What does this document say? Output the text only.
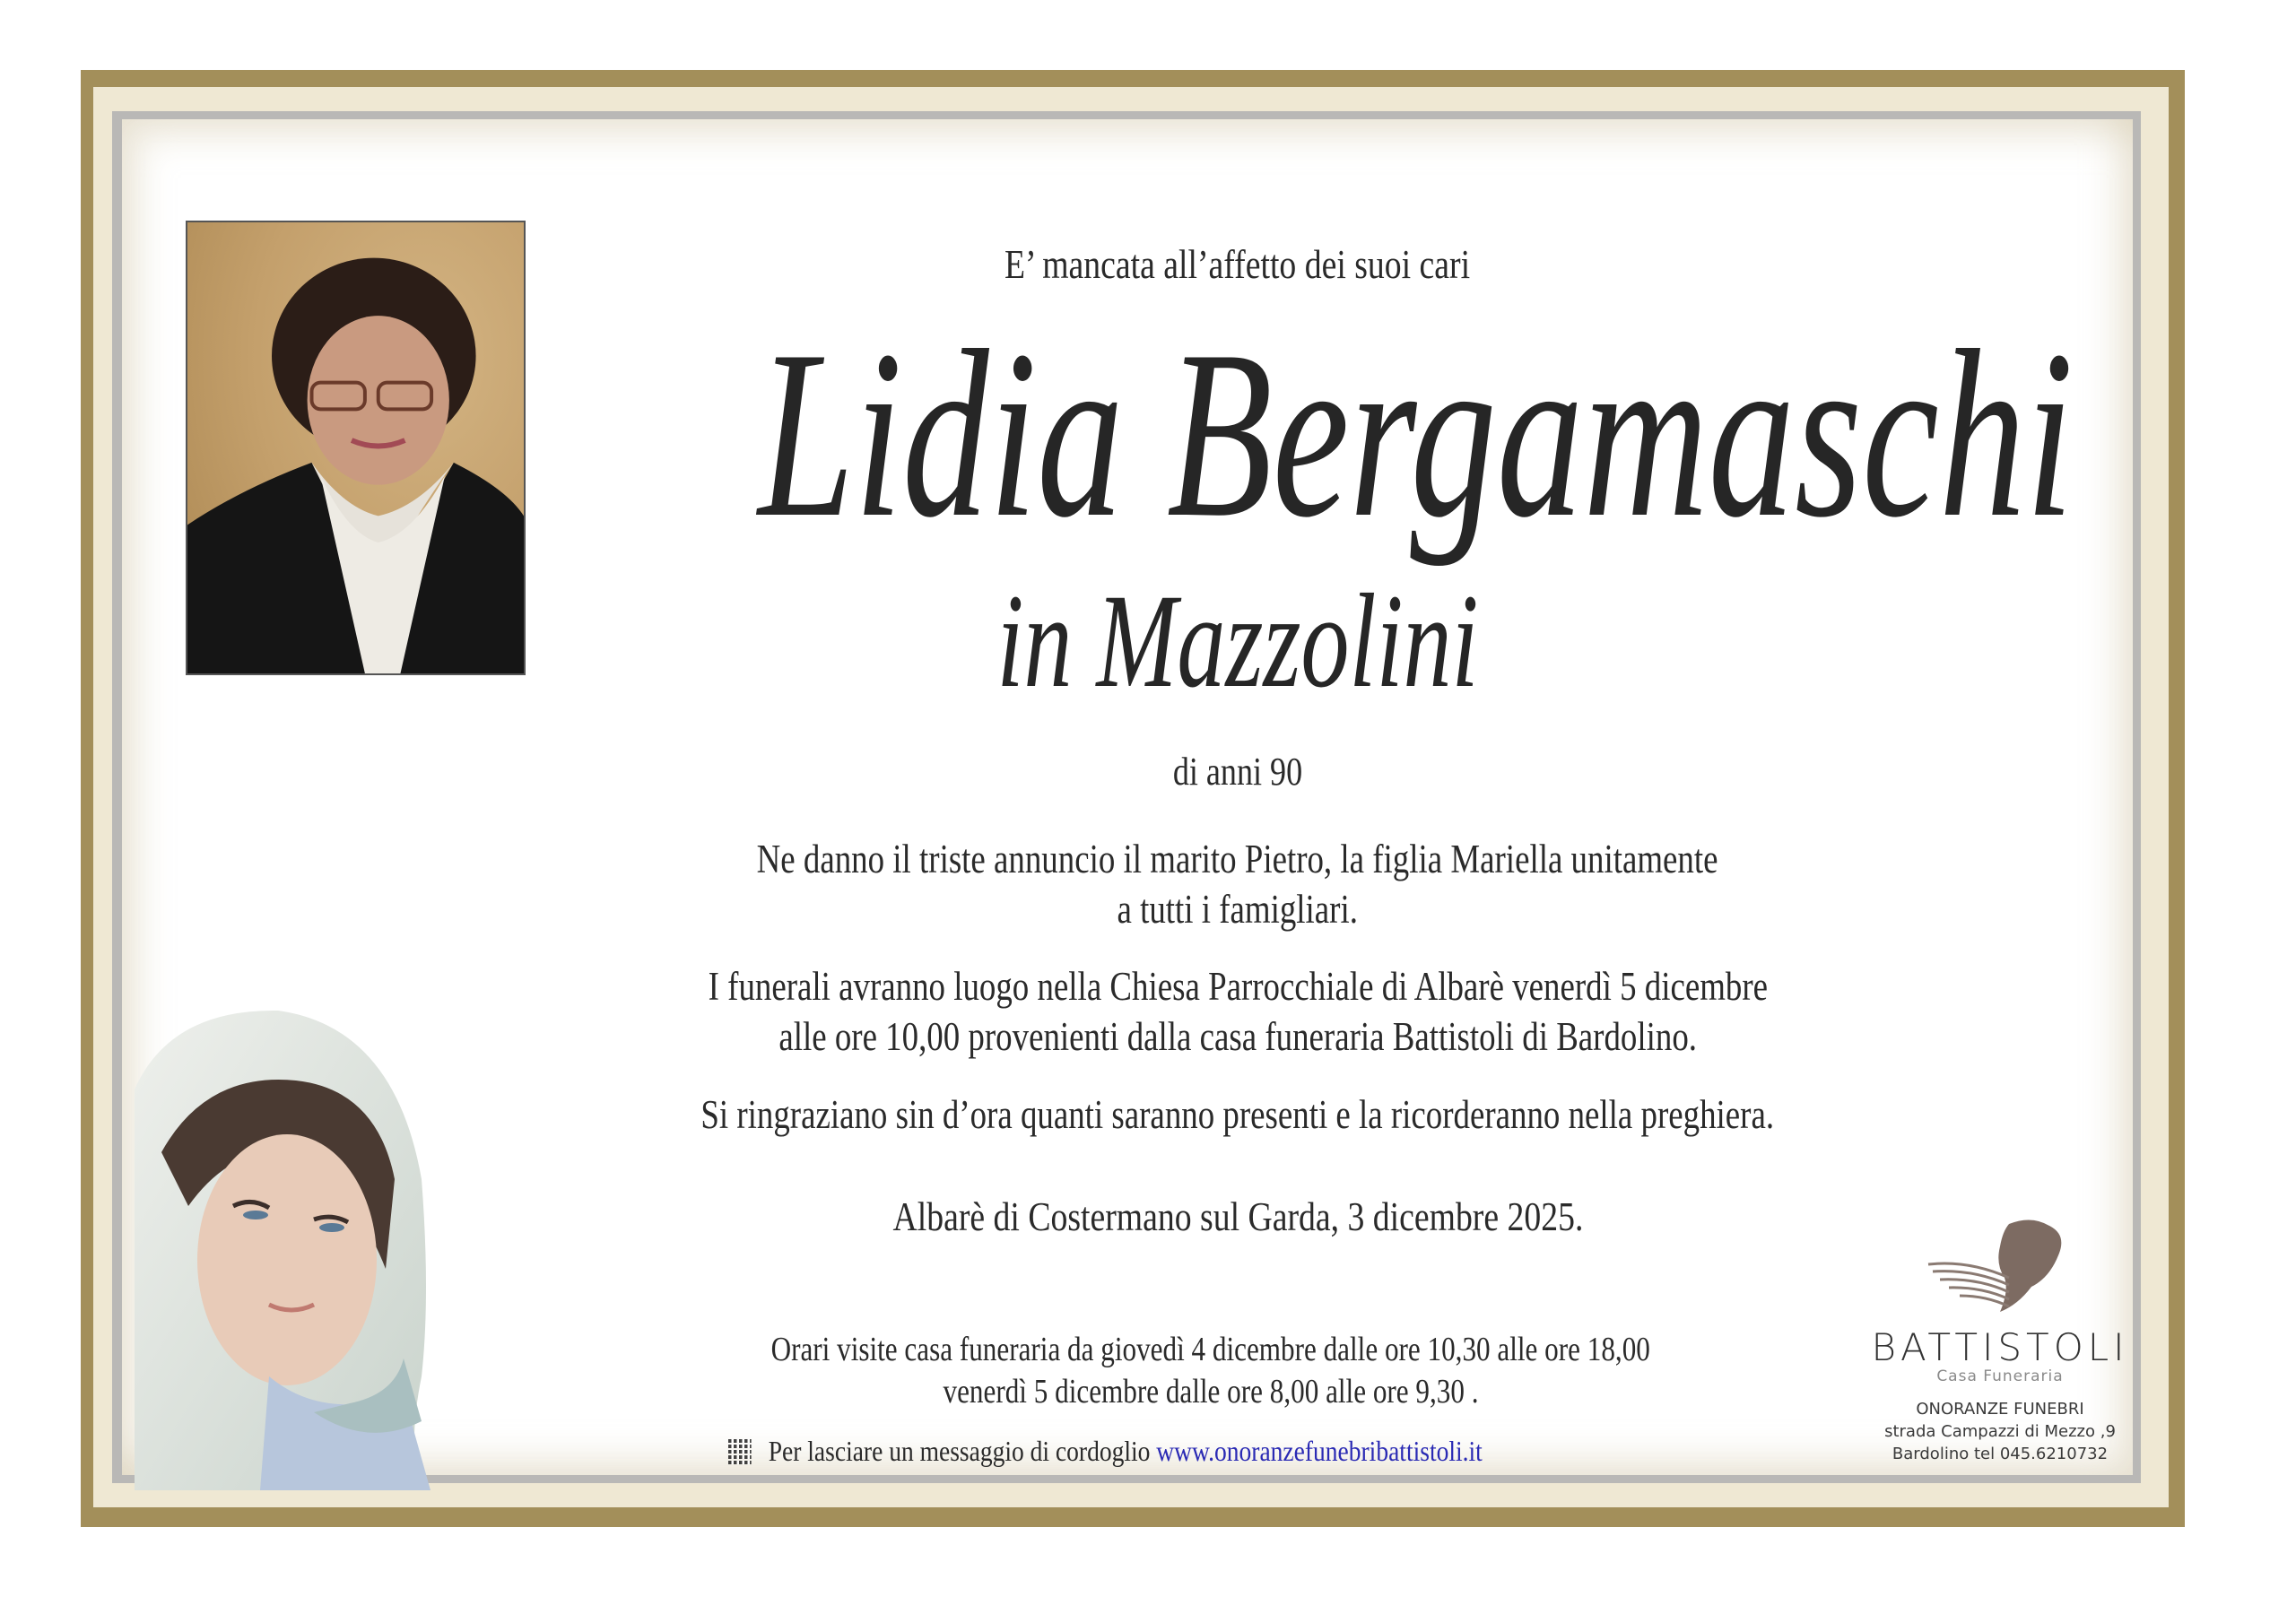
E’ mancata all’affetto dei suoi cari
Lidia Bergamaschi
in Mazzolini
di anni 90
Ne danno il triste annuncio il marito Pietro, la figlia Mariella unitamente
a tutti i famigliari.
I funerali avranno luogo nella Chiesa Parrocchiale di Albarè venerdì 5 dicembre
alle ore 10,00 provenienti dalla casa funeraria Battistoli di Bardolino.
Si ringraziano sin d’ora quanti saranno presenti e la ricorderanno nella preghiera.
Albarè di Costermano sul Garda, 3 dicembre 2025.
Orari visite casa funeraria da giovedì 4 dicembre dalle ore 10,30 alle ore 18,00
venerdì 5 dicembre dalle ore 8,00 alle ore 9,30 .
Per lasciare un messaggio di cordoglio www.onoranzefunebribattistoli.it
BATTISTOLI
Casa Funeraria
ONORANZE FUNEBRI
strada Campazzi di Mezzo ,9
Bardolino tel 045.6210732
